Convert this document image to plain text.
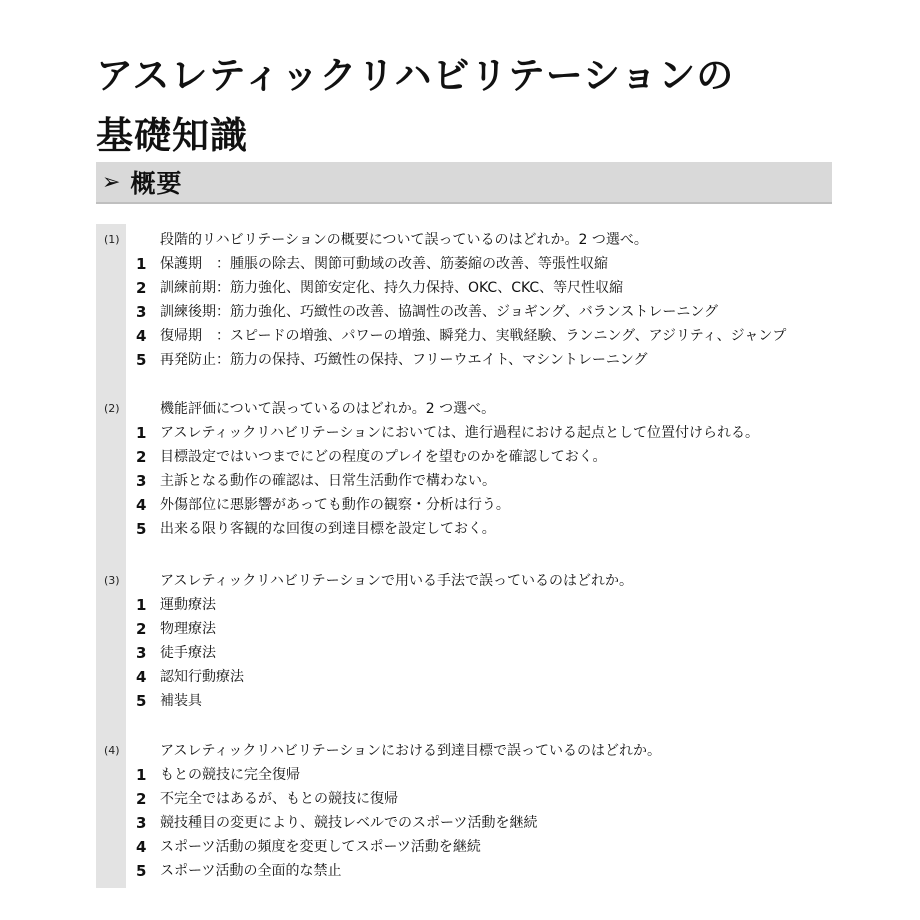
アスレティックリハビリテーションの
基礎知識
➢ 概要
(1)	段階的リハビリテーションの概要について誤っているのはどれか。2 つ選べ。
1 保護期　：腫脹の除去、関節可動域の改善、筋萎縮の改善、等張性収縮
2 訓練前期：筋力強化、関節安定化、持久力保持、OKC、CKC、等尺性収縮
3 訓練後期：筋力強化、巧緻性の改善、協調性の改善、ジョギング、バランストレーニング
4 復帰期　：スピードの増強、パワーの増強、瞬発力、実戦経験、ランニング、アジリティ、ジャンプ
5 再発防止：筋力の保持、巧緻性の保持、フリーウエイト、マシントレーニング
(2)	機能評価について誤っているのはどれか。2 つ選べ。
1 アスレティックリハビリテーションにおいては、進行過程における起点として位置付けられる。
2 目標設定ではいつまでにどの程度のプレイを望むのかを確認しておく。
3 主訴となる動作の確認は、日常生活動作で構わない。
4 外傷部位に悪影響があっても動作の観察・分析は行う。
5 出来る限り客観的な回復の到達目標を設定しておく。
(3)	アスレティックリハビリテーションで用いる手法で誤っているのはどれか。
1 運動療法
2 物理療法
3 徒手療法
4 認知行動療法
5 補装具
(4)	アスレティックリハビリテーションにおける到達目標で誤っているのはどれか。
1 もとの競技に完全復帰
2 不完全ではあるが、もとの競技に復帰
3 競技種目の変更により、競技レベルでのスポーツ活動を継続
4 スポーツ活動の頻度を変更してスポーツ活動を継続
5 スポーツ活動の全面的な禁止
